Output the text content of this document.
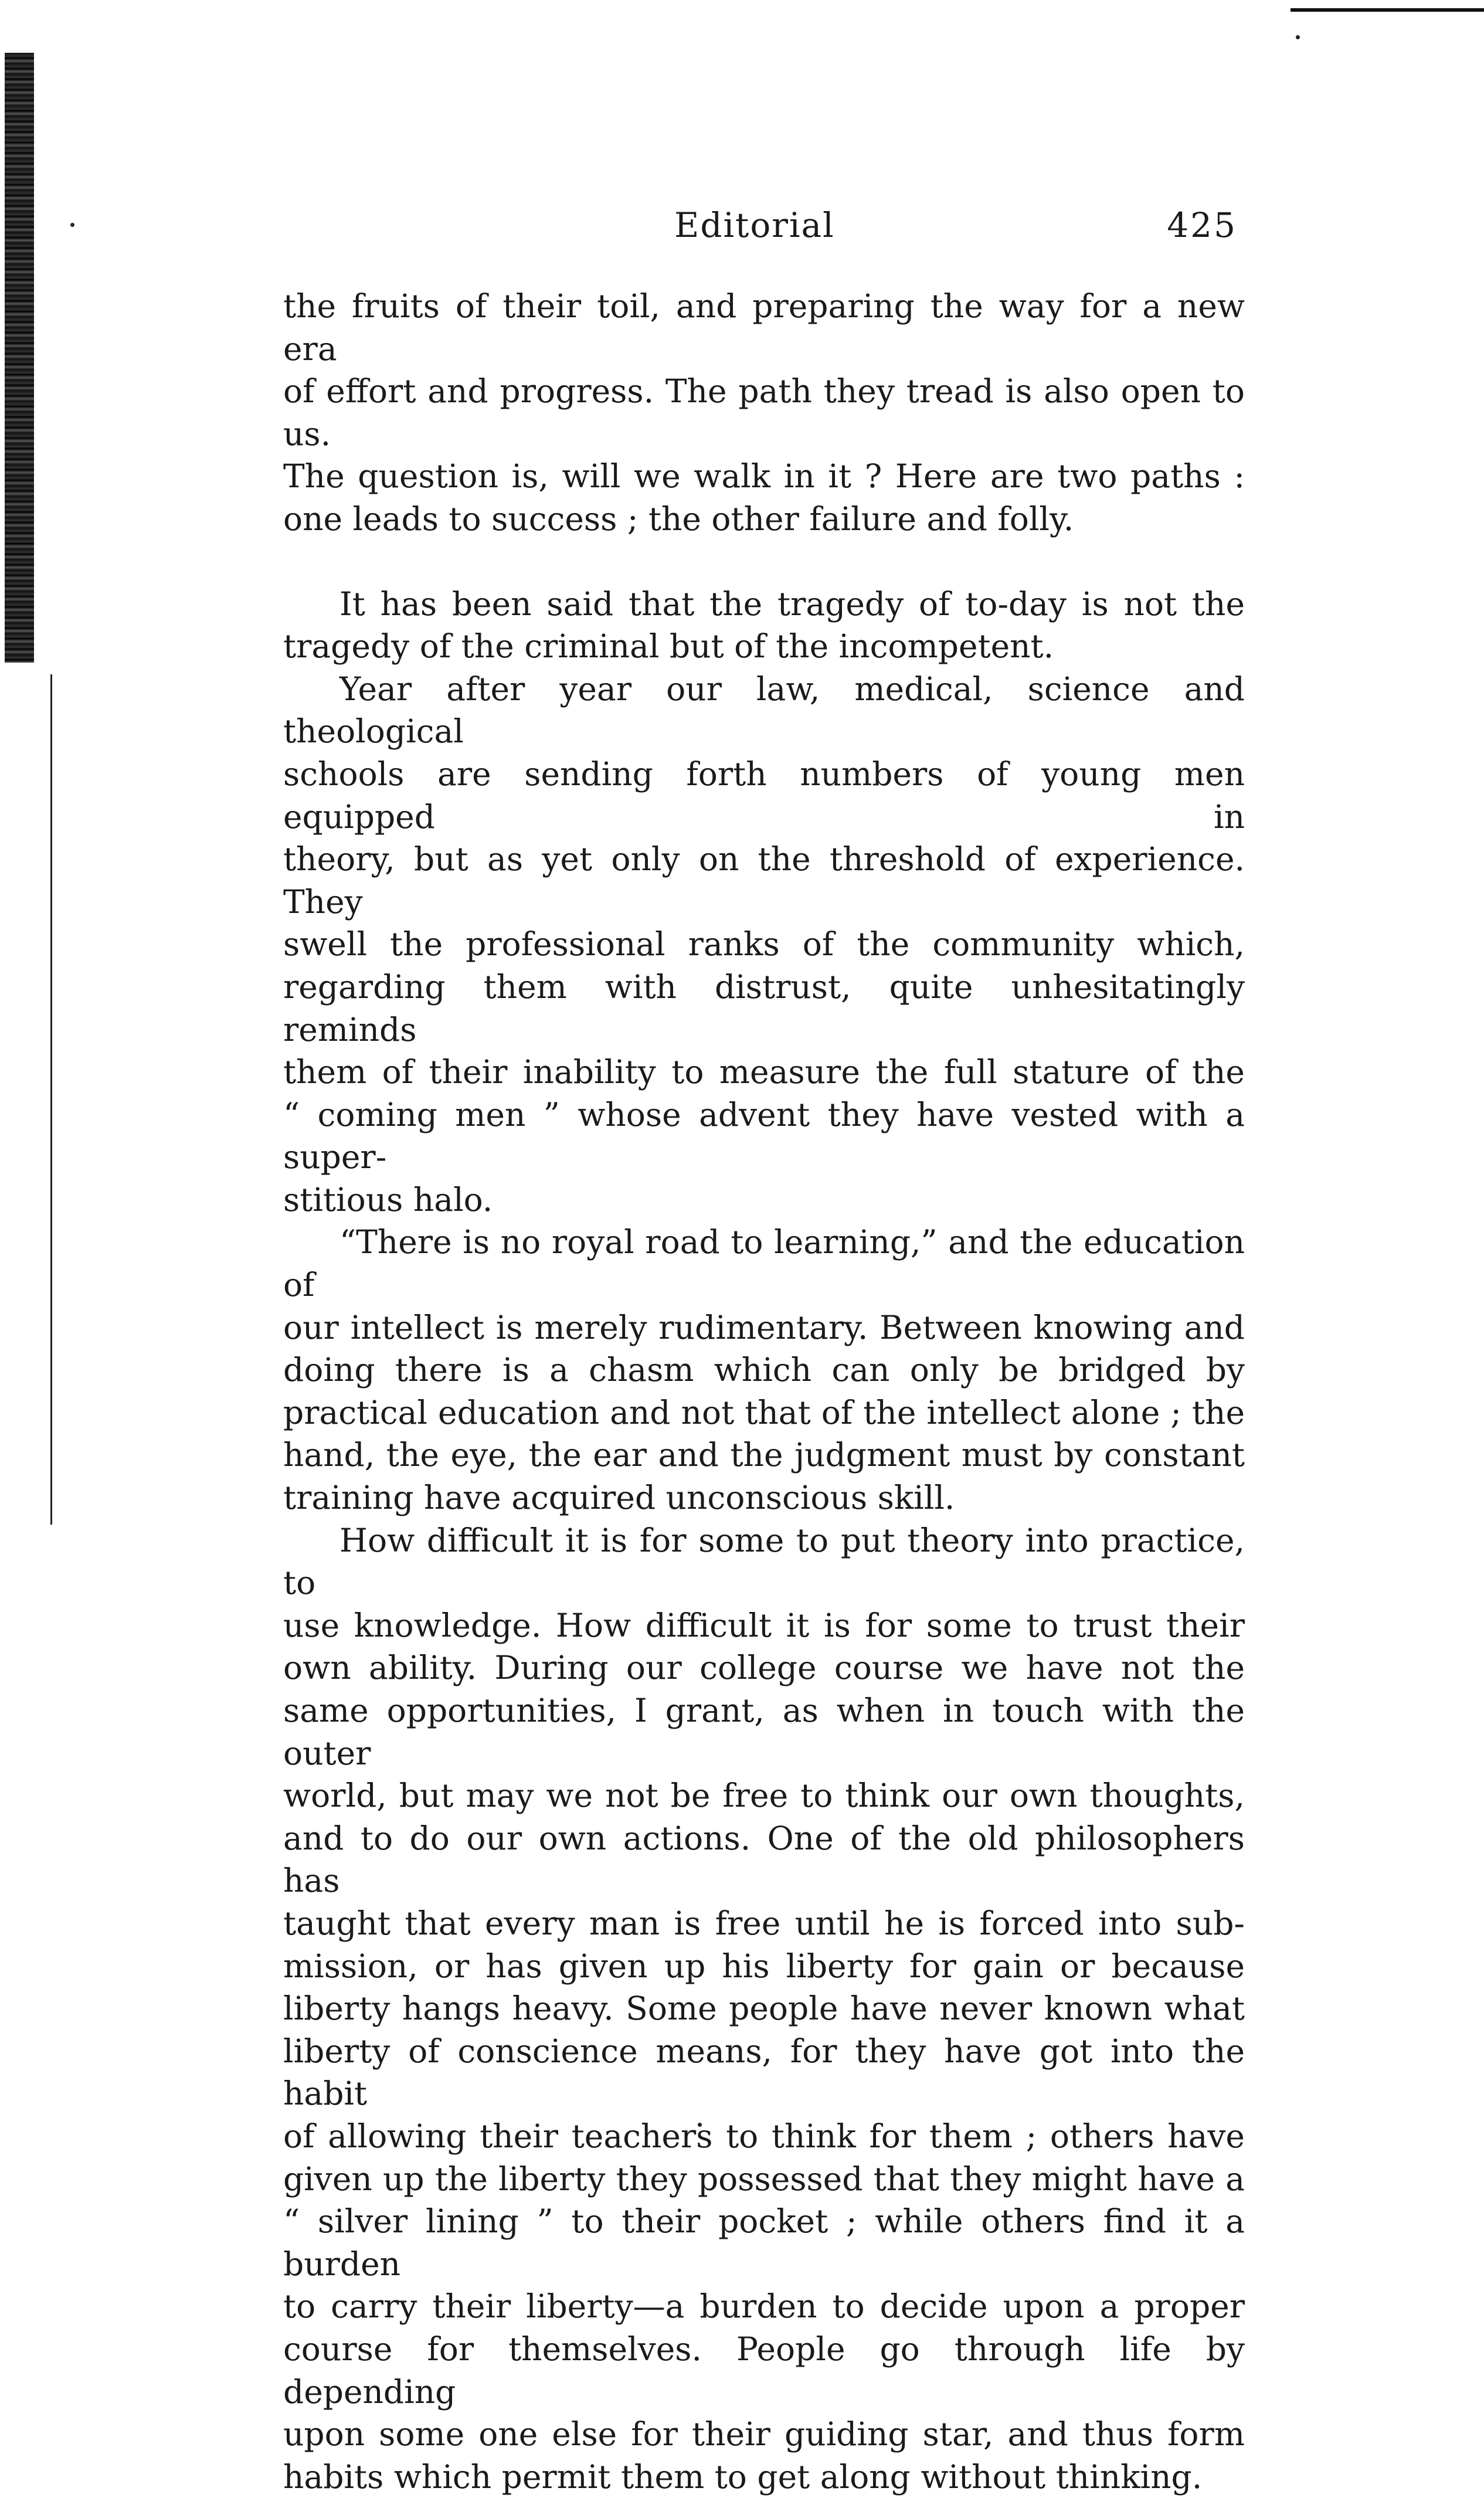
Editorial	425

the fruits of their toil, and preparing the way for a new era
of effort and progress. The path they tread is also open to us.
The question is, will we walk in it ? Here are two paths :
one leads to success ; the other failure and folly.

It has been said that the tragedy of to-day is not the
tragedy of the criminal but of the incompetent.

Year after year our law, medical, science and theological
schools are sending forth numbers of young men equipped in
theory, but as yet only on the threshold of experience. They
swell the professional ranks of the community which,
regarding them with distrust, quite unhesitatingly reminds
them of their inability to measure the full stature of the
“ coming men ” whose advent they have vested with a super-
stitious halo.

“There is no royal road to learning,” and the education of
our intellect is merely rudimentary. Between knowing and
doing there is a chasm which can only be bridged by
practical education and not that of the intellect alone ; the
hand, the eye, the ear and the judgment must by constant
training have acquired unconscious skill.

How difficult it is for some to put theory into practice, to
use knowledge. How difficult it is for some to trust their
own ability. During our college course we have not the
same opportunities, I grant, as when in touch with the outer
world, but may we not be free to think our own thoughts,
and to do our own actions. One of the old philosophers has
taught that every man is free until he is forced into sub-
mission, or has given up his liberty for gain or because
liberty hangs heavy. Some people have never known what
liberty of conscience means, for they have got into the habit
of allowing their teachers to think for them ; others have
given up the liberty they possessed that they might have a
“ silver lining ” to their pocket ; while others find it a burden
to carry their liberty—a burden to decide upon a proper
course for themselves. People go through life by depending
upon some one else for their guiding star, and thus form
habits which permit them to get along without thinking.
